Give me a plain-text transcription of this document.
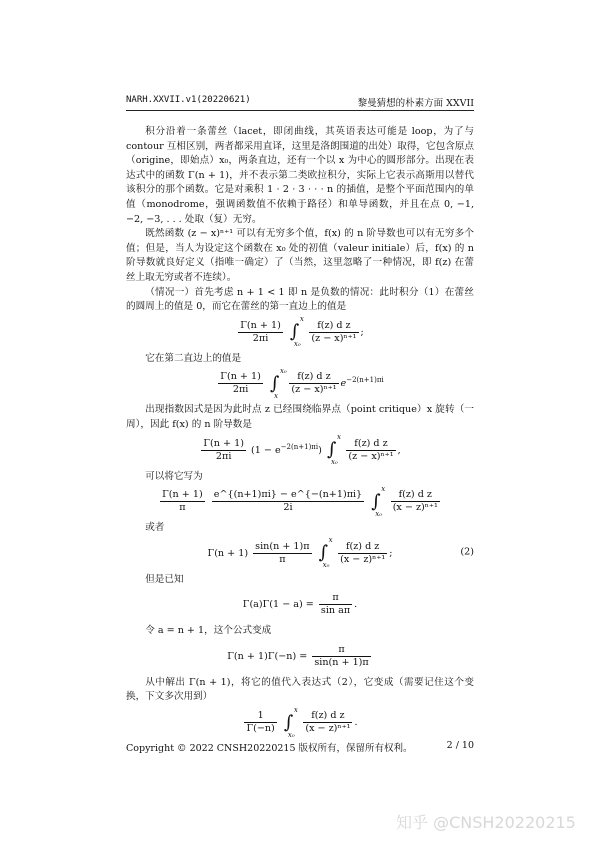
NARH.XXVII.v1(20220621)	黎曼猜想的朴素方面 XXVII

积分沿着一条蕾丝（lacet，即闭曲线，其英语表达可能是 loop，为了与 contour 互相区别，两者都采用直译，这里是洛朗围道的出处）取得，它包含原点（origine，即始点）x₀，两条直边，还有一个以 x 为中心的圆形部分。出现在表达式中的函数 Γ(n + 1)，并不表示第二类欧拉积分，实际上它表示高斯用以替代该积分的那个函数。它是对乘积 1 · 2 · 3 · · · n 的插值，是整个平面范围内的单值（monodrome，强调函数值不依赖于路径）和单导函数，并且在点 0, −1, −2, −3, . . . 处取（复）无穷。

既然函数 (z − x)ⁿ⁺¹ 可以有无穷多个值，f(x) 的 n 阶导数也可以有无穷多个值；但是，当人为设定这个函数在 x₀ 处的初值（valeur initiale）后，f(x) 的 n 阶导数就良好定义（指唯一确定）了（当然，这里忽略了一种情况，即 f(z) 在蕾丝上取无穷或者不连续）。

（情况一）首先考虑 n + 1 < 1 即 n 是负数的情况：此时积分（1）在蕾丝的圆周上的值是 0，而它在蕾丝的第一直边上的值是

$\frac{\Gamma(n + 1)}{2\pi i}$ ∫
x
x₀
$\frac{\text{f(z) d z}}{\text{(z − x)ⁿ⁺¹}}$ ;

它在第二直边上的值是

$\frac{\Gamma(n + 1)}{2\pi i}$ ∫
x₀
x
$\frac{\text{f(z) d z}}{\text{(z − x)ⁿ⁺¹}} e^{-2(n+1)\pi i}$

出现指数因式是因为此时点 z 已经围绕临界点（point critique）x 旋转（一周），因此 f(x) 的 n 阶导数是

$\frac{\Gamma(n + 1)}{2\pi i} (1 - e^{-2(n+1)\pi i})$ ∫
x
x₀
$\frac{\text{f(z) d z}}{\text{(z − x)ⁿ⁺¹}}$ ,

可以将它写为

$\frac{\Gamma(n + 1)}{\pi}$
$\frac{e\^{}\{(n+1)\pi i\} - e\^{}\{-(n+1)\pi i\}}{2i}$ ∫
x
x₀
$\frac{\text{f(z) d z}}{\text{(x − z)ⁿ⁺¹}}$

或者

$\Gamma(n + 1) \frac{\sin(n + 1)\pi}{\pi}$ ∫
x
x₀
$\frac{\text{f(z) d z}}{\text{(x − z)ⁿ⁺¹}}$ ;	(2)

但是已知

$\Gamma(a)\Gamma(1 - a) = \frac{\pi}{\text{sin aπ}}$ .

令 a = n + 1，这个公式变成

$\Gamma(n + 1)\Gamma(-n) = \frac{\pi}{\sin(n + 1)\pi}$

从中解出 Γ(n + 1)，将它的值代入表达式（2），它变成（需要记住这个变换，下文多次用到）

$\frac{1}{\Gamma(-n)}$ ∫
x
x₀
$\frac{\text{f(z) d z}}{\text{(x − z)ⁿ⁺¹}}$ .
Copyright © 2022 CNSH20220215 版权所有，保留所有权利。	2 / 10
知乎 @CNSH20220215
